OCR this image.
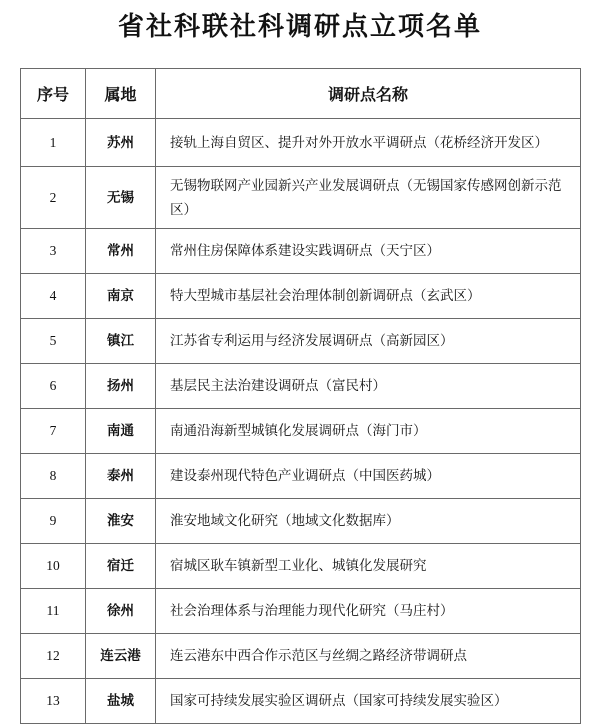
省社科联社科调研点立项名单
序号	属地	调研点名称
1	苏州	接轨上海自贸区、提升对外开放水平调研点（花桥经济开发区）
2	无锡	无锡物联网产业园新兴产业发展调研点（无锡国家传感网创新示范区）
3	常州	常州住房保障体系建设实践调研点（天宁区）
4	南京	特大型城市基层社会治理体制创新调研点（玄武区）
5	镇江	江苏省专利运用与经济发展调研点（高新园区）
6	扬州	基层民主法治建设调研点（富民村）
7	南通	南通沿海新型城镇化发展调研点（海门市）
8	泰州	建设泰州现代特色产业调研点（中国医药城）
9	淮安	淮安地域文化研究（地域文化数据库）
10	宿迁	宿城区耿车镇新型工业化、城镇化发展研究
11	徐州	社会治理体系与治理能力现代化研究（马庄村）
12	连云港	连云港东中西合作示范区与丝绸之路经济带调研点
13	盐城	国家可持续发展实验区调研点（国家可持续发展实验区）
